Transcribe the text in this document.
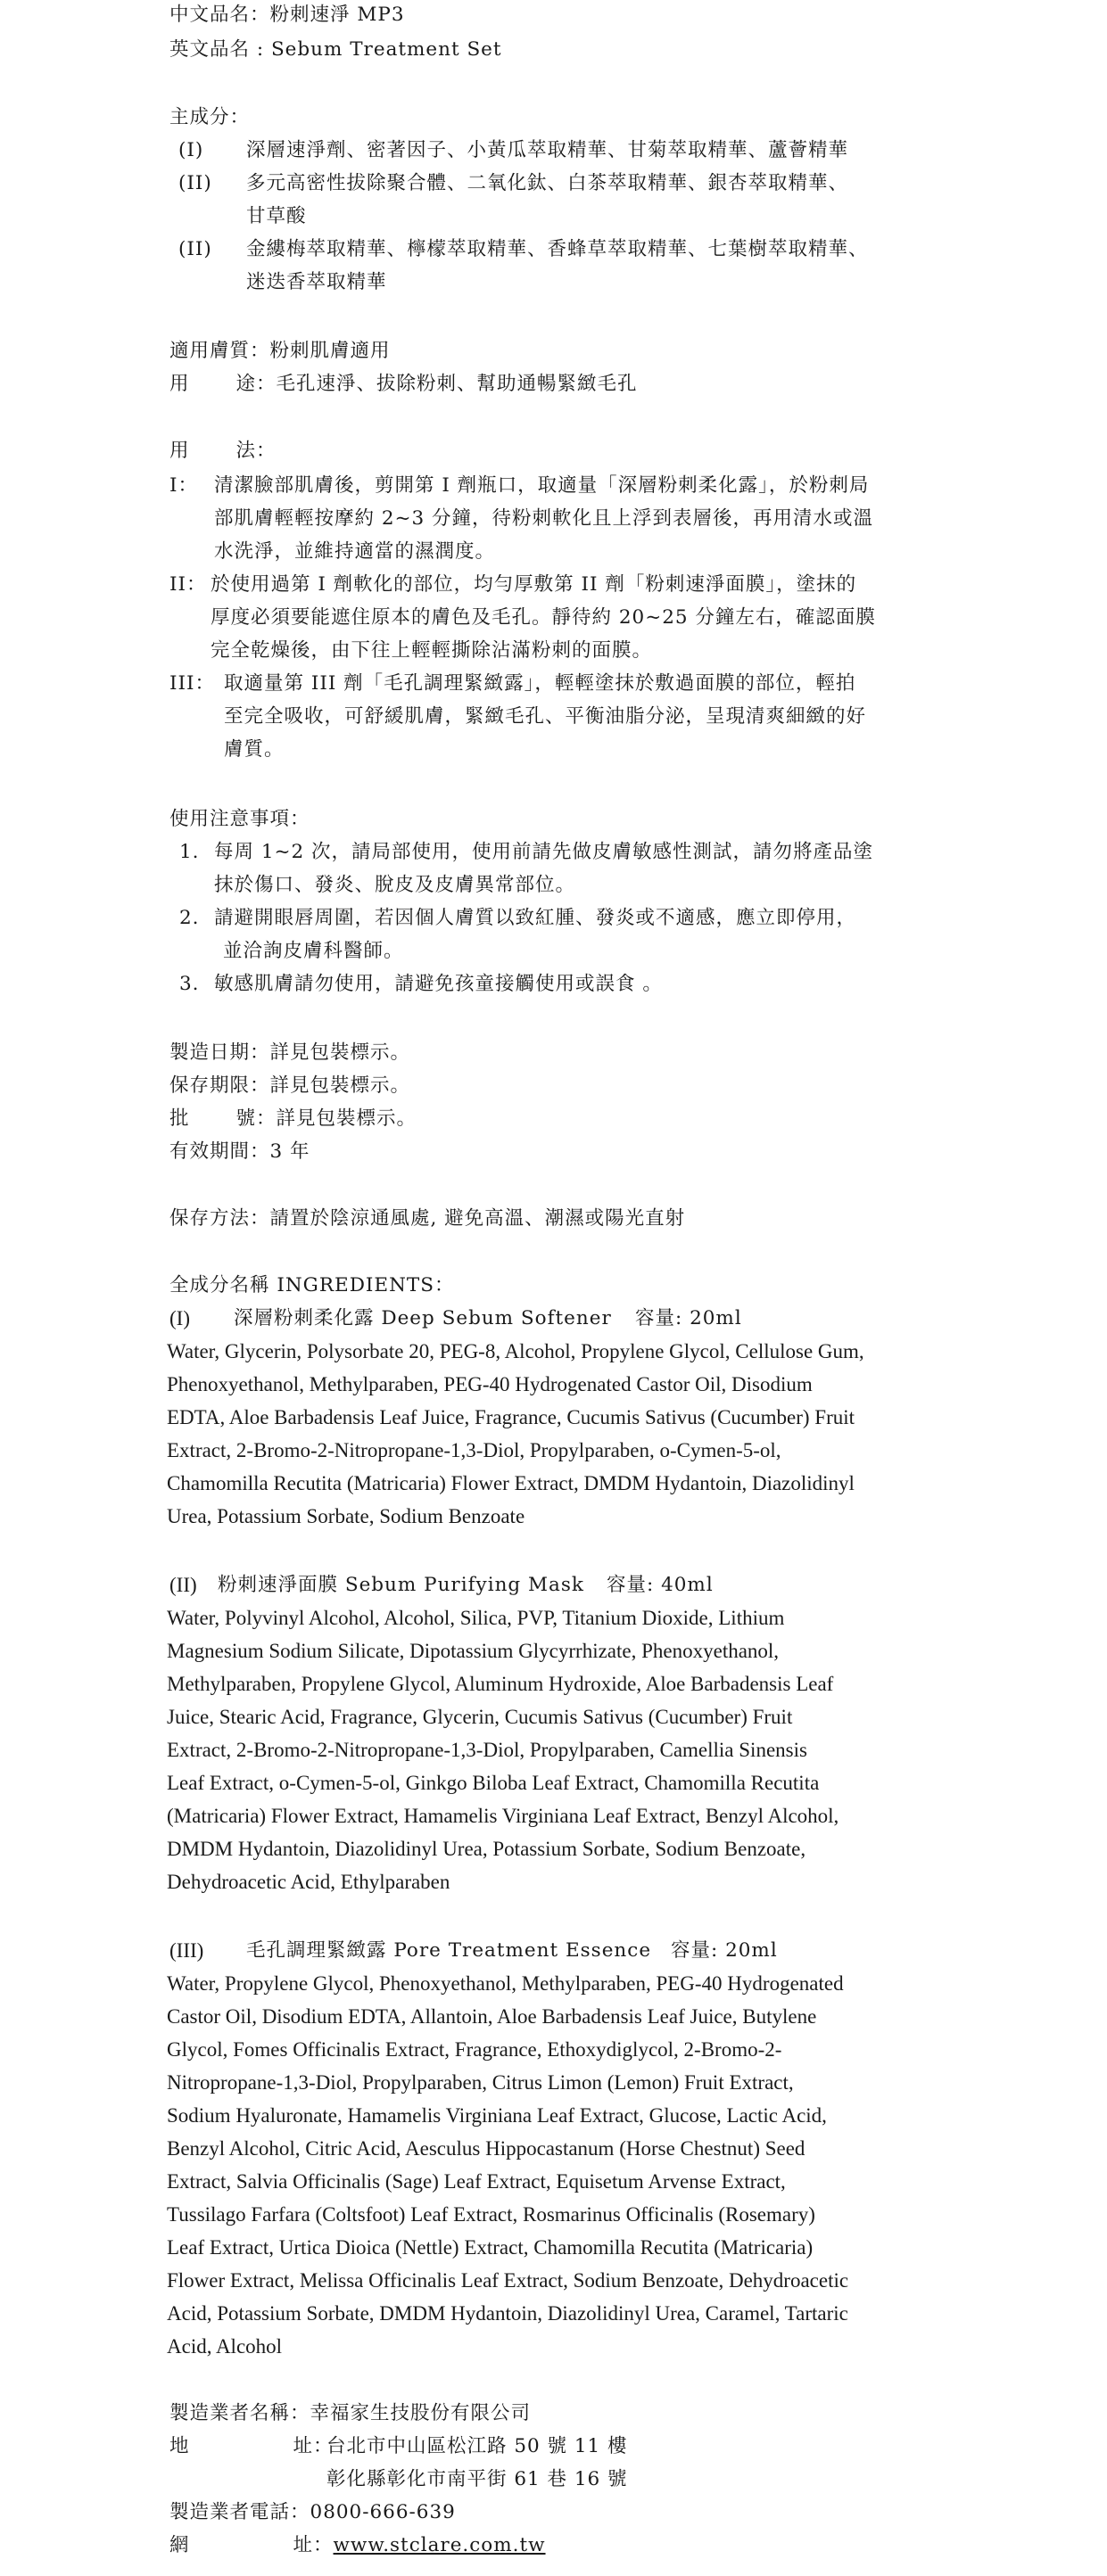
中文品名：粉刺速淨 MP3
英文品名 : Sebum Treatment Set
主成分：
(I) 深層速淨劑、密著因子、小黃瓜萃取精華、甘菊萃取精華、蘆薈精華
(II) 多元高密性拔除聚合體、二氧化鈦、白茶萃取精華、銀杏萃取精華、
甘草酸
(II) 金縷梅萃取精華、檸檬萃取精華、香蜂草萃取精華、七葉樹萃取精華、
迷迭香萃取精華
適用膚質：粉刺肌膚適用
用 途：毛孔速淨、拔除粉刺、幫助通暢緊緻毛孔
用 法：
I： 清潔臉部肌膚後，剪開第 I 劑瓶口，取適量「深層粉刺柔化露」，於粉刺局
部肌膚輕輕按摩約 2~3 分鐘，待粉刺軟化且上浮到表層後，再用清水或溫
水洗淨，並維持適當的濕潤度。
II： 於使用過第 I 劑軟化的部位，均勻厚敷第 II 劑「粉刺速淨面膜」，塗抹的
厚度必須要能遮住原本的膚色及毛孔。靜待約 20~25 分鐘左右，確認面膜
完全乾燥後，由下往上輕輕撕除沾滿粉刺的面膜。
III： 取適量第 III 劑「毛孔調理緊緻露」，輕輕塗抹於敷過面膜的部位，輕拍
至完全吸收，可舒緩肌膚，緊緻毛孔、平衡油脂分泌，呈現清爽細緻的好
膚質。
使用注意事項：
1. 每周 1~2 次，請局部使用，使用前請先做皮膚敏感性測試，請勿將產品塗
抹於傷口、發炎、脫皮及皮膚異常部位。
2. 請避開眼唇周圍，若因個人膚質以致紅腫、發炎或不適感，應立即停用，
並洽詢皮膚科醫師。
3. 敏感肌膚請勿使用，請避免孩童接觸使用或誤食 。
製造日期：詳見包裝標示。
保存期限：詳見包裝標示。
批 號：詳見包裝標示。
有效期間：3 年
保存方法：請置於陰涼通風處, 避免高溫、潮濕或陽光直射
全成分名稱 INGREDIENTS：
(I) 深層粉刺柔化露 Deep Sebum Softener 容量: 20ml
Water, Glycerin, Polysorbate 20, PEG-8, Alcohol, Propylene Glycol, Cellulose Gum,
Phenoxyethanol, Methylparaben, PEG-40 Hydrogenated Castor Oil, Disodium
EDTA, Aloe Barbadensis Leaf Juice, Fragrance, Cucumis Sativus (Cucumber) Fruit
Extract, 2-Bromo-2-Nitropropane-1,3-Diol, Propylparaben, o-Cymen-5-ol,
Chamomilla Recutita (Matricaria) Flower Extract, DMDM Hydantoin, Diazolidinyl
Urea, Potassium Sorbate, Sodium Benzoate
(II) 粉刺速淨面膜 Sebum Purifying Mask 容量: 40ml
Water, Polyvinyl Alcohol, Alcohol, Silica, PVP, Titanium Dioxide, Lithium
Magnesium Sodium Silicate, Dipotassium Glycyrrhizate, Phenoxyethanol,
Methylparaben, Propylene Glycol, Aluminum Hydroxide, Aloe Barbadensis Leaf
Juice, Stearic Acid, Fragrance, Glycerin, Cucumis Sativus (Cucumber) Fruit
Extract, 2-Bromo-2-Nitropropane-1,3-Diol, Propylparaben, Camellia Sinensis
Leaf Extract, o-Cymen-5-ol, Ginkgo Biloba Leaf Extract, Chamomilla Recutita
(Matricaria) Flower Extract, Hamamelis Virginiana Leaf Extract, Benzyl Alcohol,
DMDM Hydantoin, Diazolidinyl Urea, Potassium Sorbate, Sodium Benzoate,
Dehydroacetic Acid, Ethylparaben
(III) 毛孔調理緊緻露 Pore Treatment Essence 容量: 20ml
Water, Propylene Glycol, Phenoxyethanol, Methylparaben, PEG-40 Hydrogenated
Castor Oil, Disodium EDTA, Allantoin, Aloe Barbadensis Leaf Juice, Butylene
Glycol, Fomes Officinalis Extract, Fragrance, Ethoxydiglycol, 2-Bromo-2-
Nitropropane-1,3-Diol, Propylparaben, Citrus Limon (Lemon) Fruit Extract,
Sodium Hyaluronate, Hamamelis Virginiana Leaf Extract, Glucose, Lactic Acid,
Benzyl Alcohol, Citric Acid, Aesculus Hippocastanum (Horse Chestnut) Seed
Extract, Salvia Officinalis (Sage) Leaf Extract, Equisetum Arvense Extract,
Tussilago Farfara (Coltsfoot) Leaf Extract, Rosmarinus Officinalis (Rosemary)
Leaf Extract, Urtica Dioica (Nettle) Extract, Chamomilla Recutita (Matricaria)
Flower Extract, Melissa Officinalis Leaf Extract, Sodium Benzoate, Dehydroacetic
Acid, Potassium Sorbate, DMDM Hydantoin, Diazolidinyl Urea, Caramel, Tartaric
Acid, Alcohol
製造業者名稱：幸福家生技股份有限公司
地	址：
台北市中山區松江路 50 號 11 樓
彰化縣彰化市南平街 61 巷 16 號
製造業者電話：0800-666-639
網	址：www.stclare.com.tw
